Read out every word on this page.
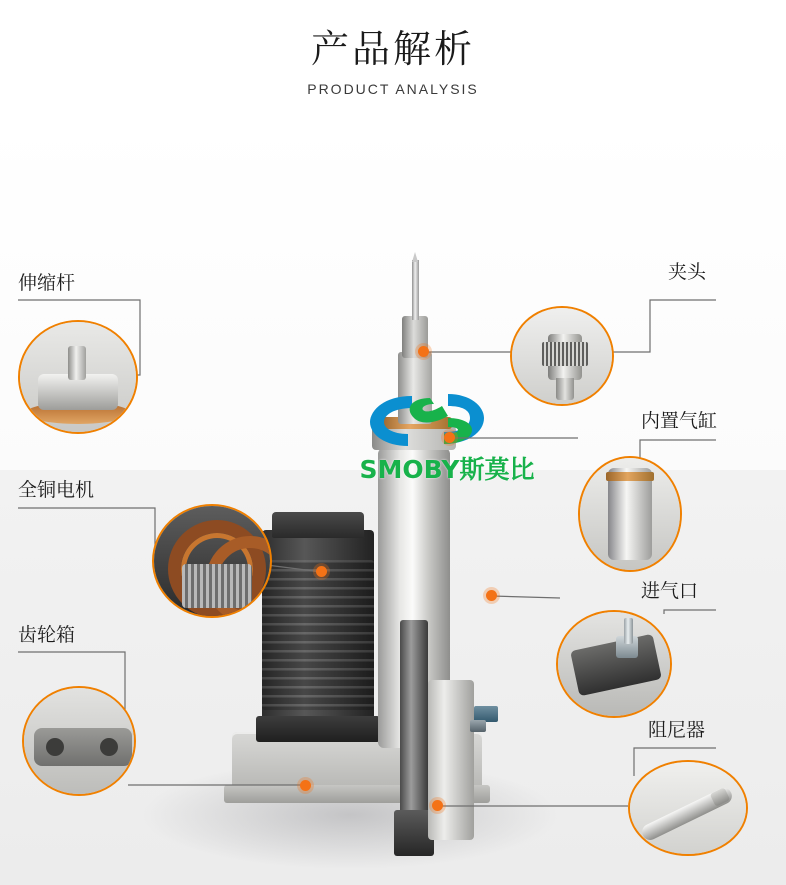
产品解析
PRODUCT ANALYSIS
SMOBY斯莫比
伸缩杆
全铜电机
齿轮箱
夹头
内置气缸
进气口
阻尼器
